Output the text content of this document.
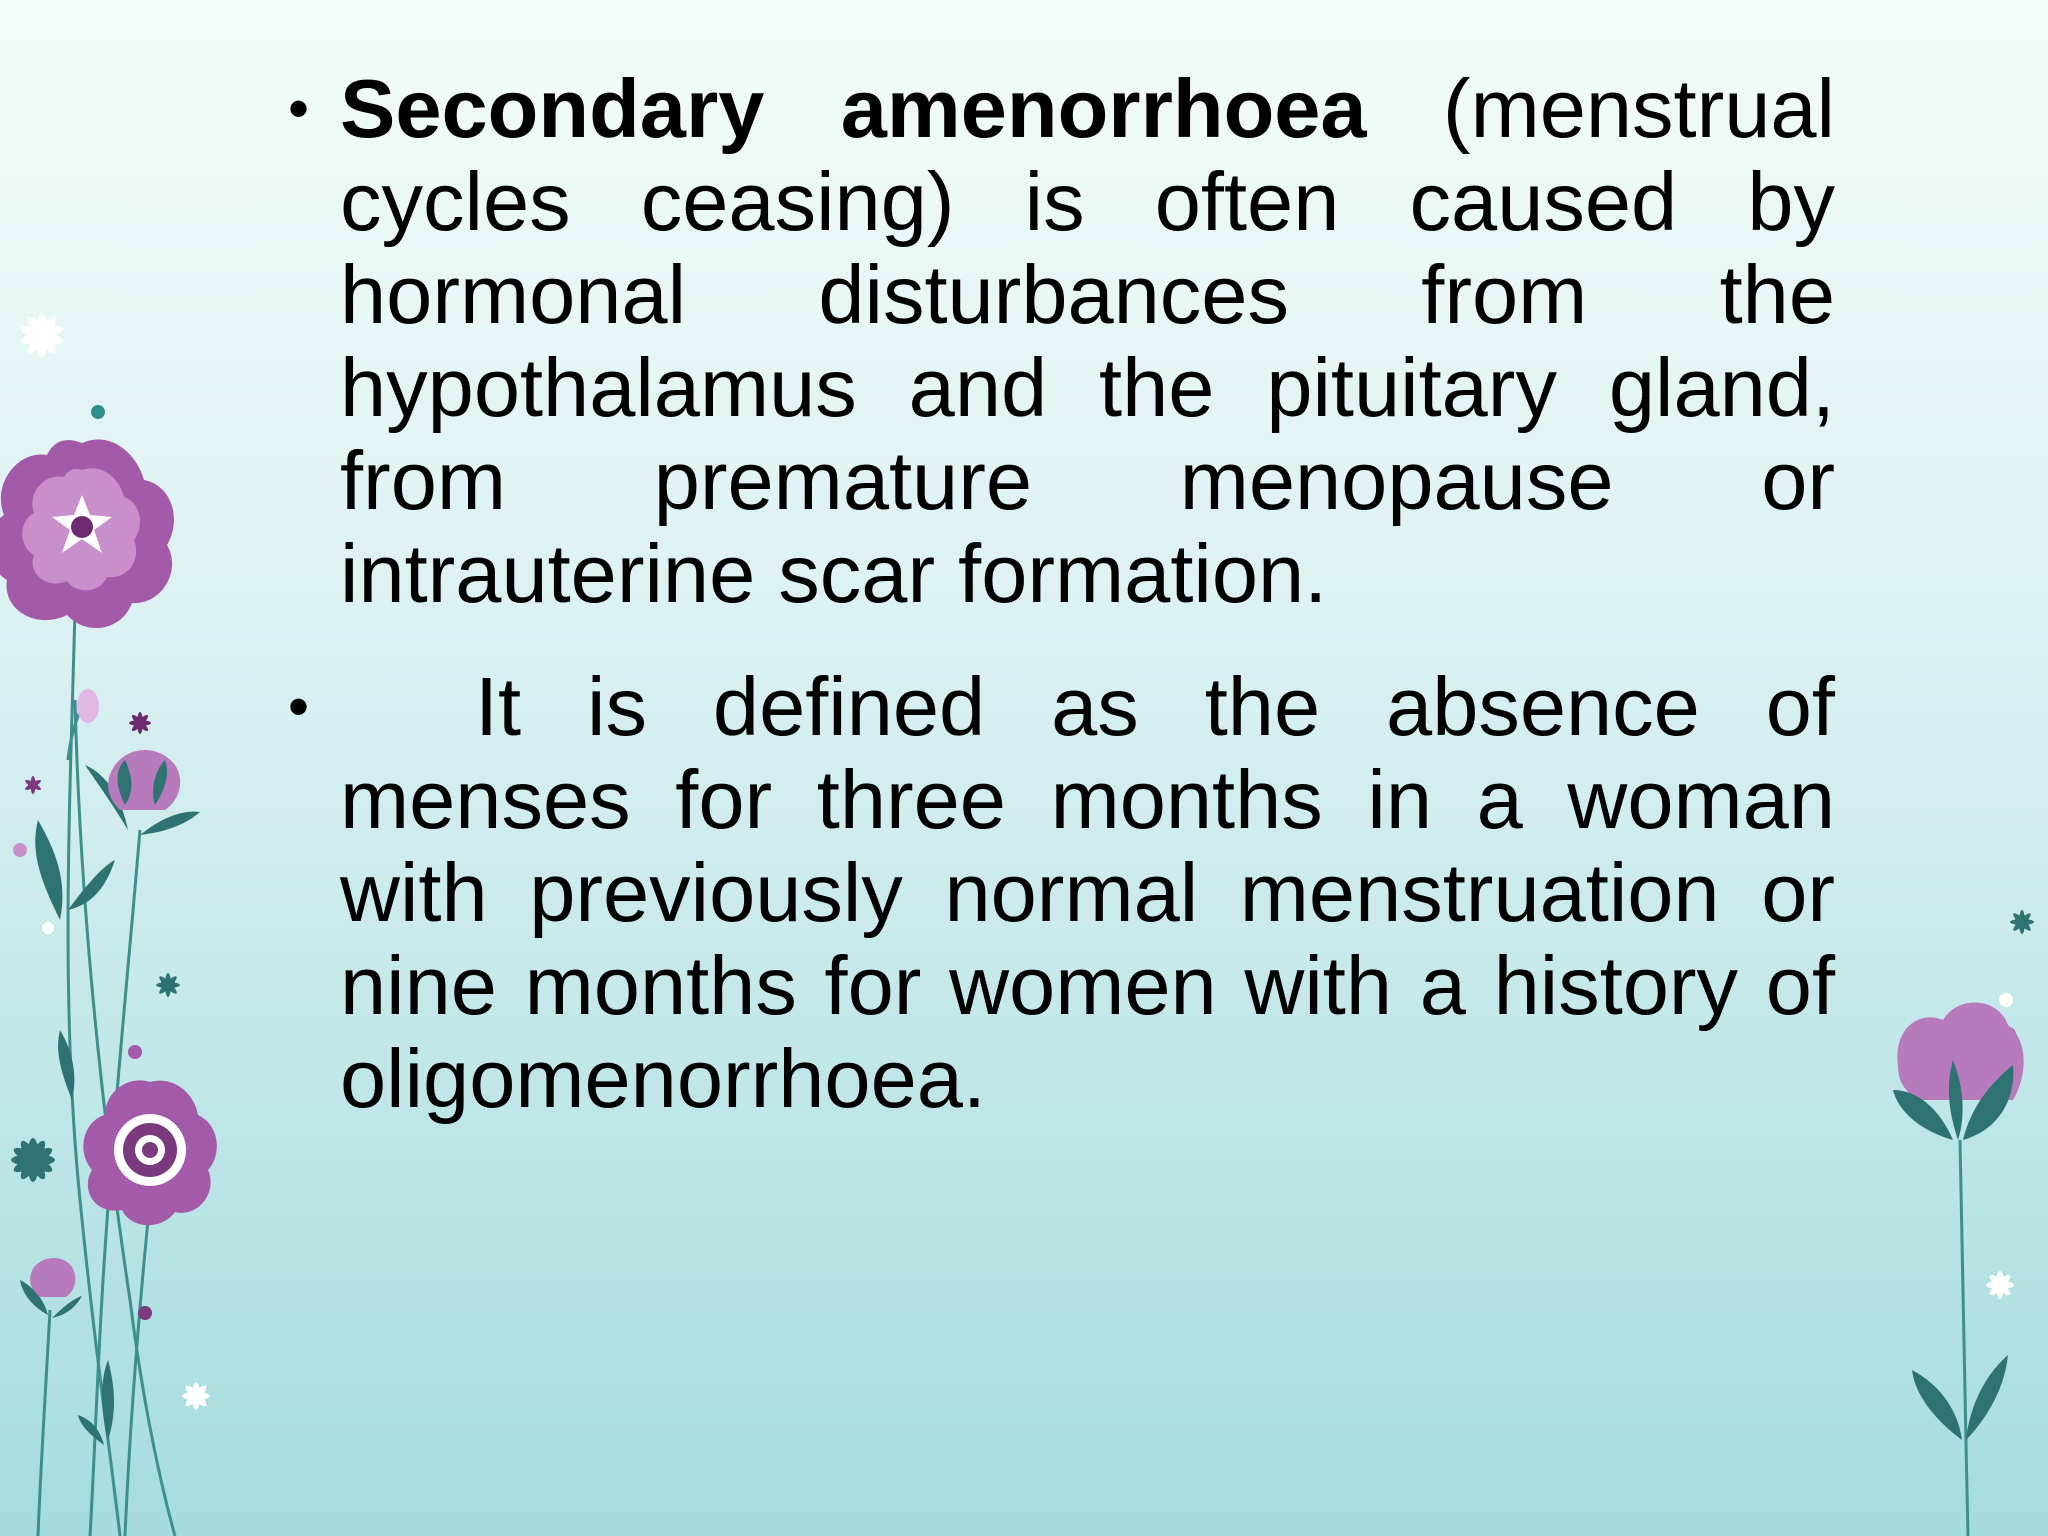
• Secondary amenorrhoea (menstrual cycles ceasing) is often caused by hormonal disturbances from the hypothalamus and the pituitary gland, from premature menopause or intrauterine scar formation.
• It is defined as the absence of menses for three months in a woman with previously normal menstruation or nine months for women with a history of oligomenorrhoea.
